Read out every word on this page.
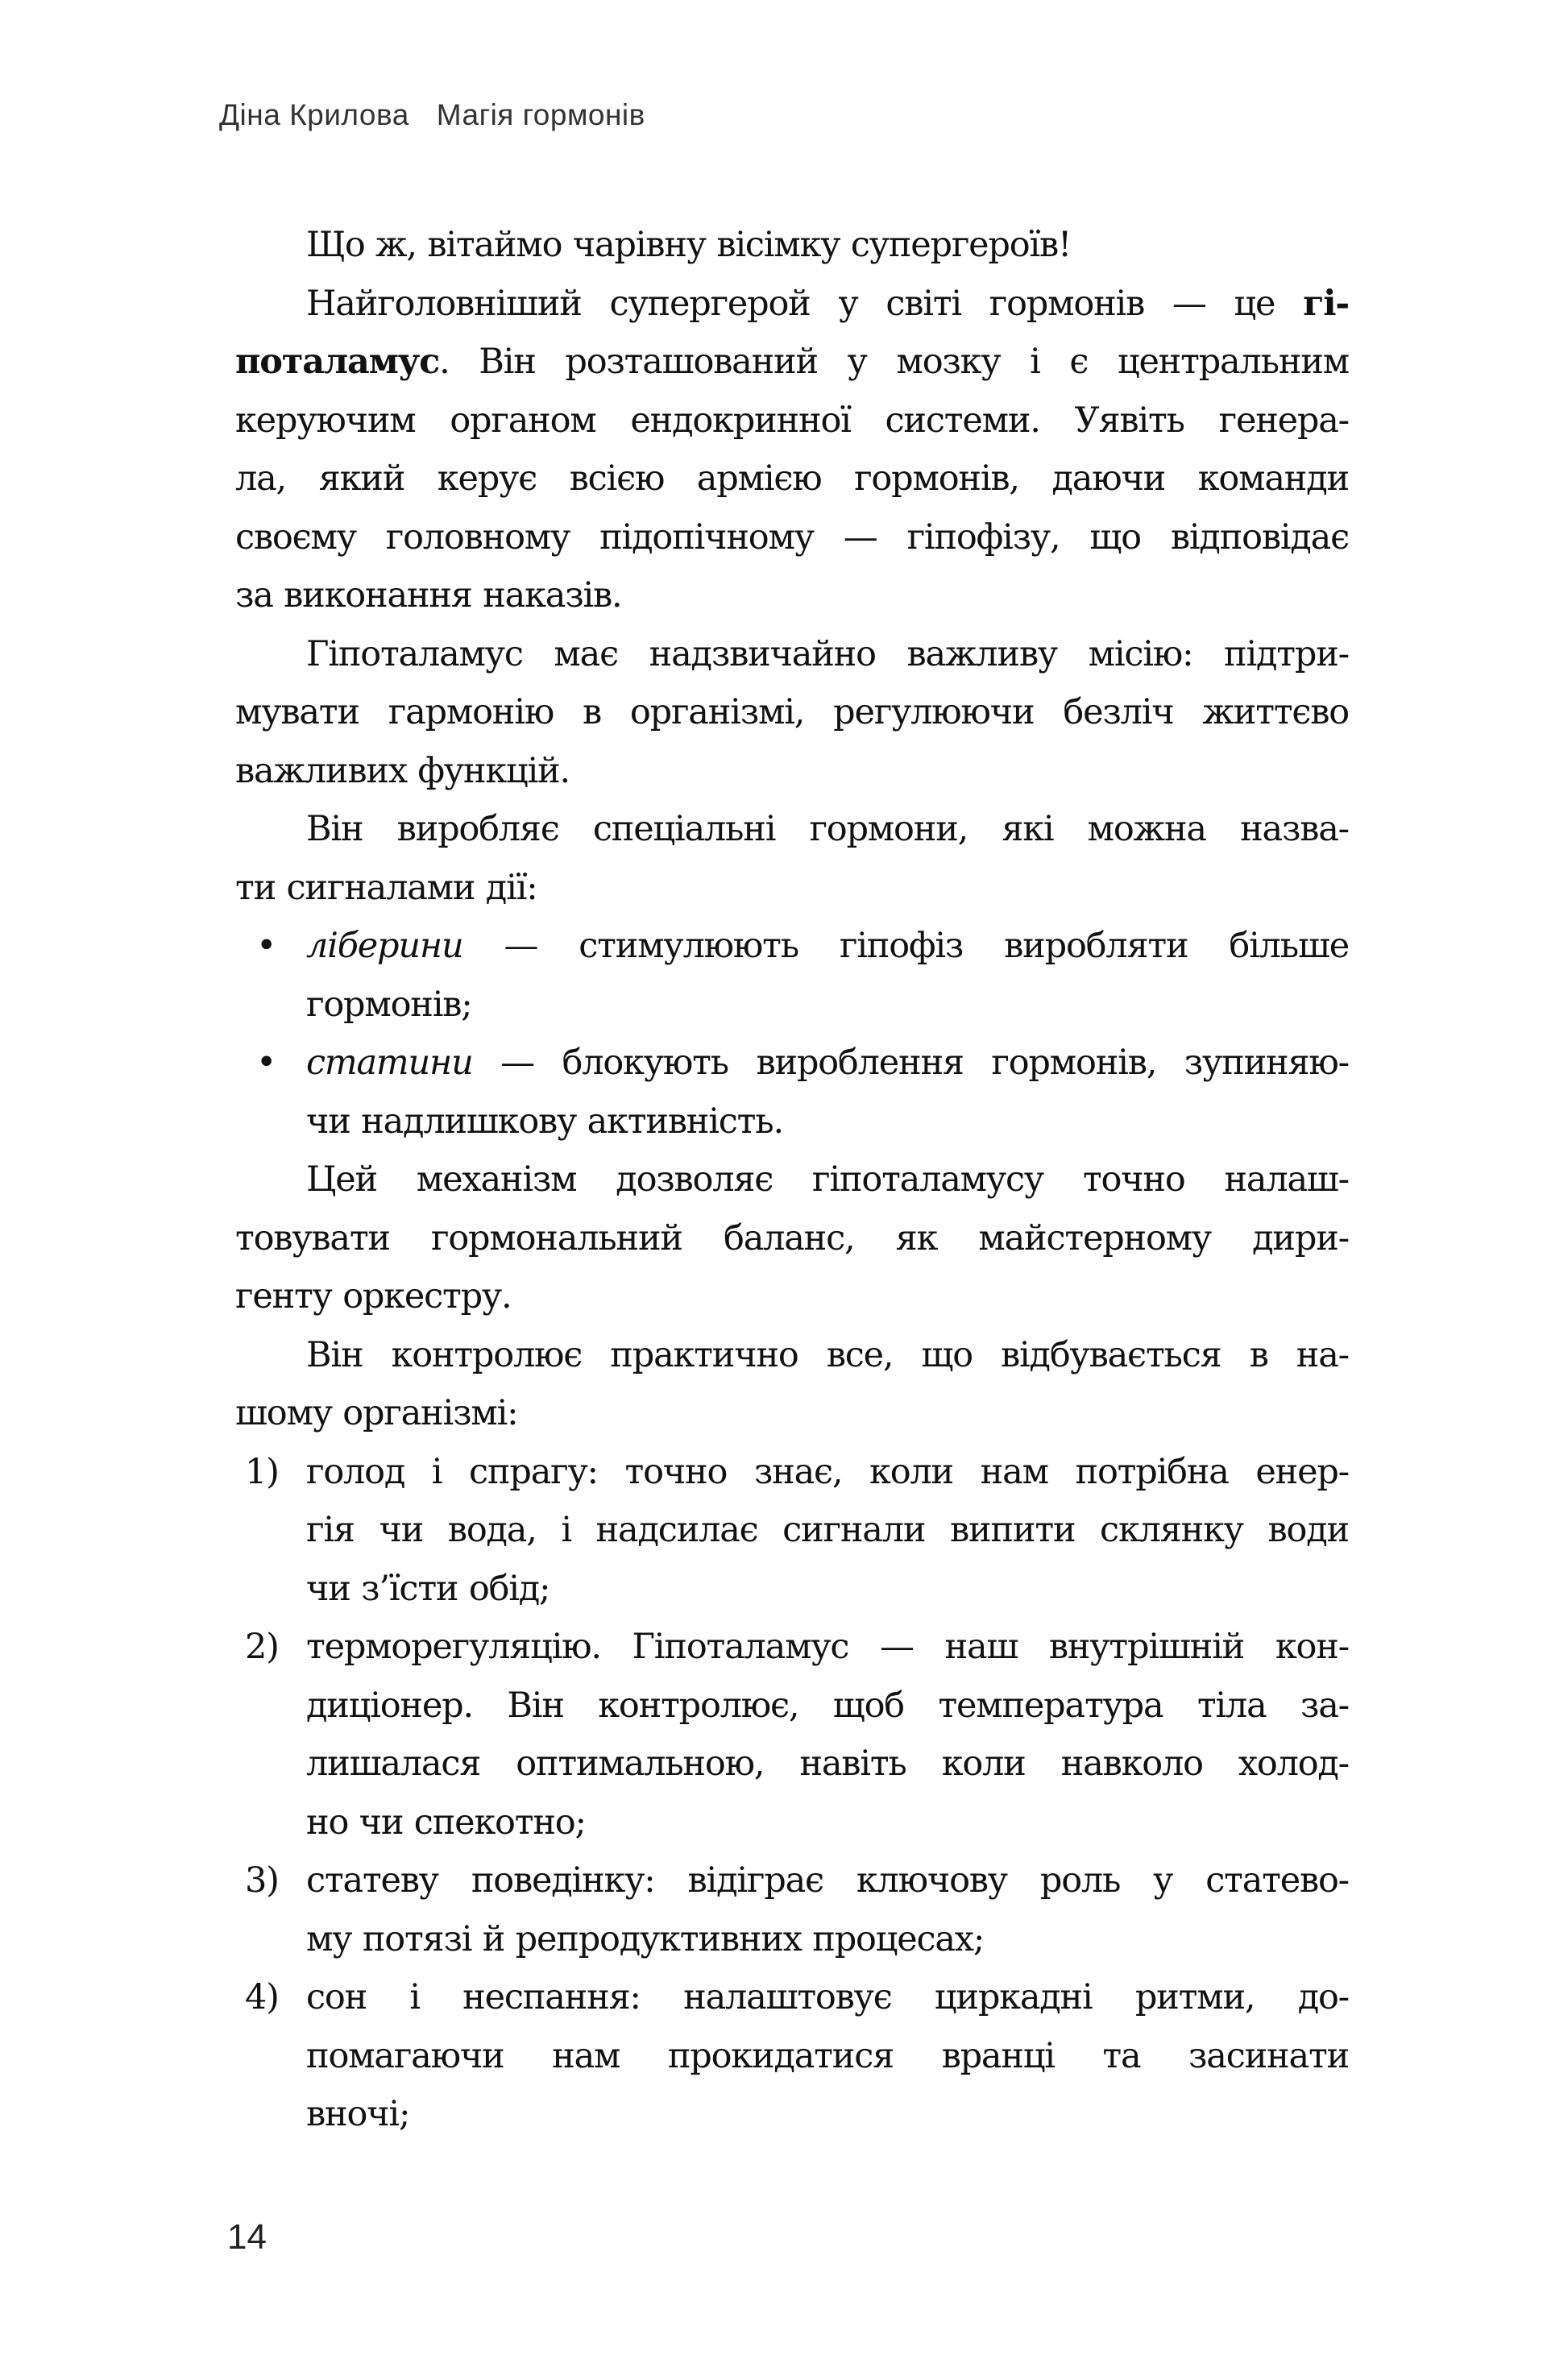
Діна Крилова Магія гормонів
Що ж, вітаймо чарівну вісімку супергероїв!
Найголовніший супергерой у світі гормонів — це гі-
поталамус. Він розташований у мозку і є центральним
керуючим органом ендокринної системи. Уявіть генера-
ла, який керує всією армією гормонів, даючи команди
своєму головному підопічному — гіпофізу, що відповідає
за виконання наказів.
Гіпоталамус має надзвичайно важливу місію: підтри-
мувати гармонію в організмі, регулюючи безліч життєво
важливих функцій.
Він виробляє спеціальні гормони, які можна назва-
ти сигналами дії:
• ліберини — стимулюють гіпофіз виробляти більше
гормонів;
• статини — блокують вироблення гормонів, зупиняю-
чи надлишкову активність.
Цей механізм дозволяє гіпоталамусу точно налаш-
товувати гормональний баланс, як майстерному дири-
генту оркестру.
Він контролює практично все, що відбувається в на-
шому організмі:
1) голод і спрагу: точно знає, коли нам потрібна енер-
гія чи вода, і надсилає сигнали випити склянку води
чи з’їсти обід;
2) терморегуляцію. Гіпоталамус — наш внутрішній кон-
диціонер. Він контролює, щоб температура тіла за-
лишалася оптимальною, навіть коли навколо холод-
но чи спекотно;
3) статеву поведінку: відіграє ключову роль у статево-
му потязі й репродуктивних процесах;
4) сон і неспання: налаштовує циркадні ритми, до-
помагаючи нам прокидатися вранці та засинати
вночі;
14
